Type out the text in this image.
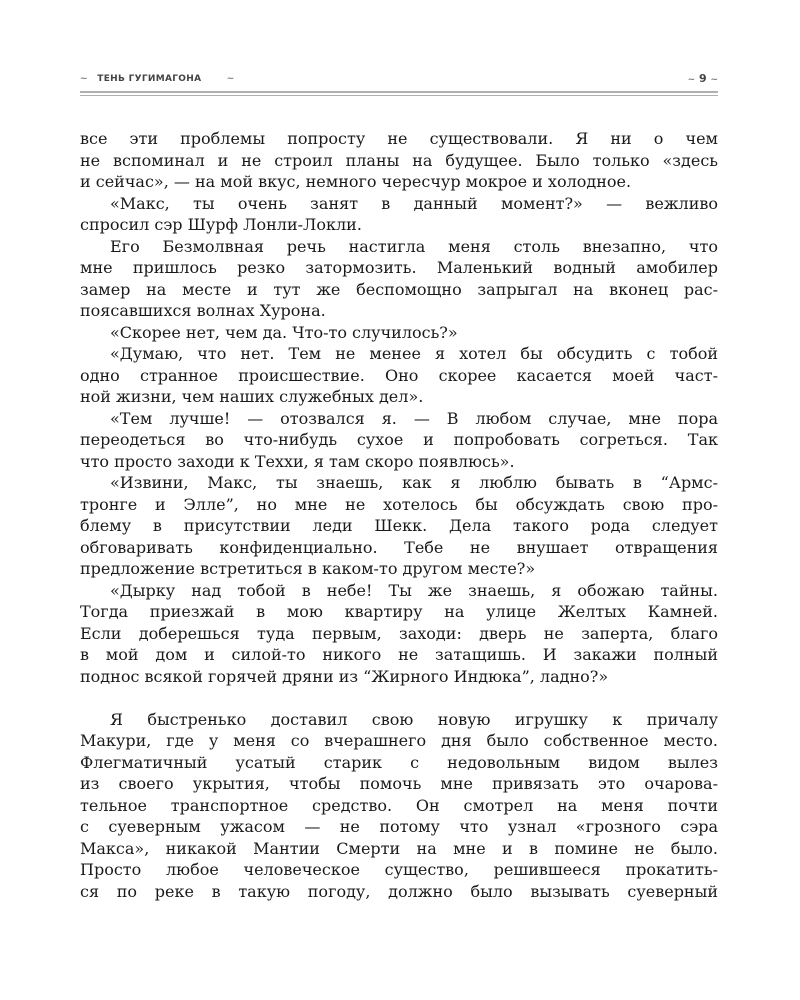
~ ТЕНЬ ГУГИМАГОНА	~	~ 9 ~
все эти проблемы попросту не существовали. Я ни о чем
не вспоминал и не строил планы на будущее. Было только «здесь
и сейчас», — на мой вкус, немного чересчур мокрое и холодное.
«Макс, ты очень занят в данный момент?» — вежливо
спросил сэр Шурф Лонли-Локли.
Его Безмолвная речь настигла меня столь внезапно, что
мне пришлось резко затормозить. Маленький водный амобилер
замер на месте и тут же беспомощно запрыгал на вконец рас-
поясавшихся волнах Хурона.
«Скорее нет, чем да. Что-то случилось?»
«Думаю, что нет. Тем не менее я хотел бы обсудить с тобой
одно странное происшествие. Оно скорее касается моей част-
ной жизни, чем наших служебных дел».
«Тем лучше! — отозвался я. — В любом случае, мне пора
переодеться во что-нибудь сухое и попробовать согреться. Так
что просто заходи к Теххи, я там скоро появлюсь».
«Извини, Макс, ты знаешь, как я люблю бывать в “Армс-
тронге и Элле”, но мне не хотелось бы обсуждать свою про-
блему в присутствии леди Шекк. Дела такого рода следует
обговаривать конфиденциально. Тебе не внушает отвращения
предложение встретиться в каком-то другом месте?»
«Дырку над тобой в небе! Ты же знаешь, я обожаю тайны.
Тогда приезжай в мою квартиру на улице Желтых Камней.
Если доберешься туда первым, заходи: дверь не заперта, благо
в мой дом и силой-то никого не затащишь. И закажи полный
поднос всякой горячей дряни из “Жирного Индюка”, ладно?»
Я быстренько доставил свою новую игрушку к причалу
Макури, где у меня со вчерашнего дня было собственное место.
Флегматичный усатый старик с недовольным видом вылез
из своего укрытия, чтобы помочь мне привязать это очарова-
тельное транспортное средство. Он смотрел на меня почти
с суеверным ужасом — не потому что узнал «грозного сэра
Макса», никакой Мантии Смерти на мне и в помине не было.
Просто любое человеческое существо, решившееся прокатить-
ся по реке в такую погоду, должно было вызывать суеверный
